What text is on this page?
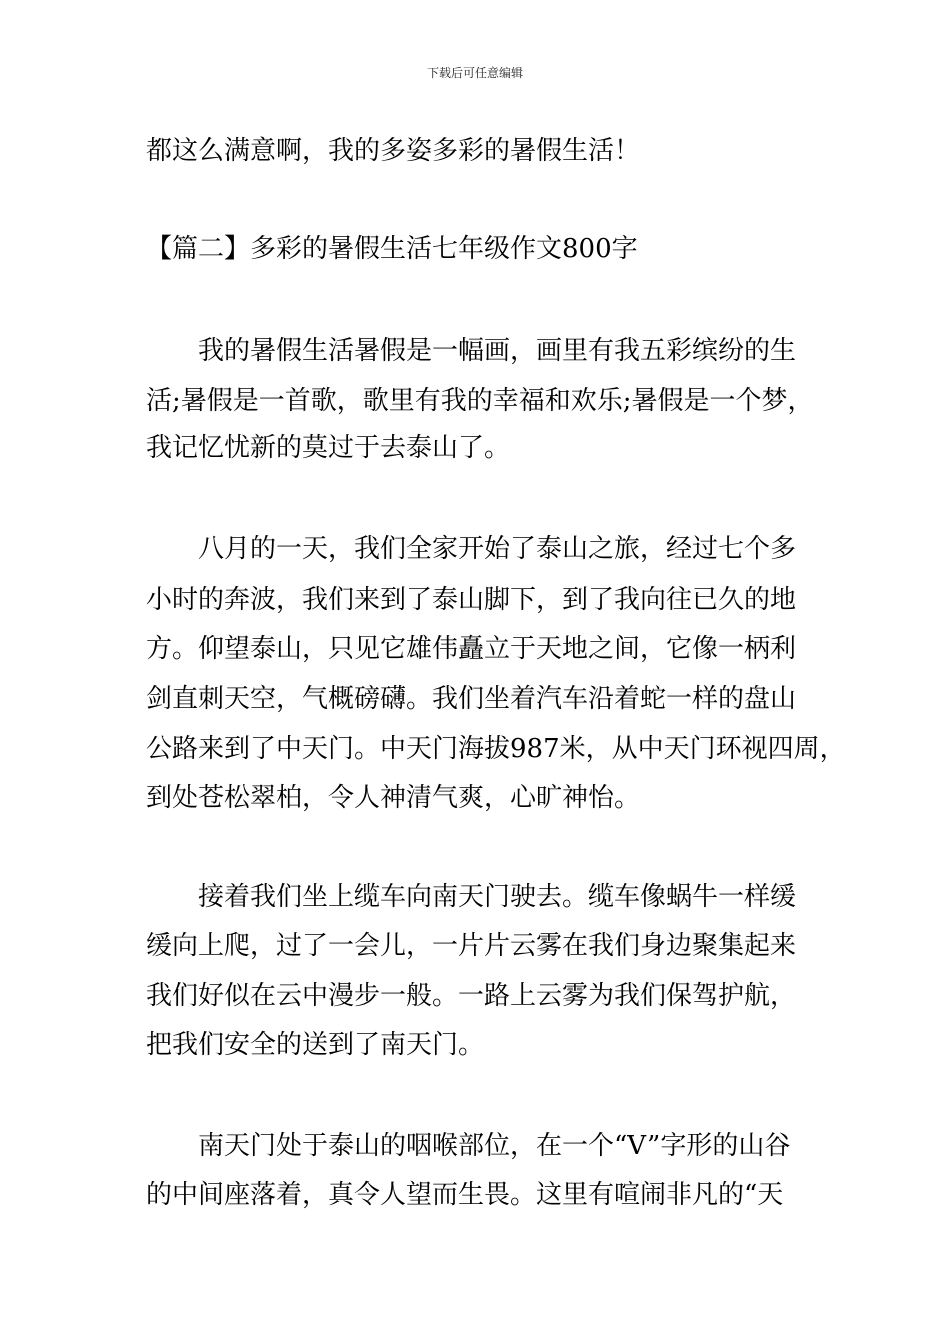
下载后可任意编辑
都这么满意啊，我的多姿多彩的暑假生活！
【篇二】多彩的暑假生活七年级作文800字
我的暑假生活暑假是一幅画，画里有我五彩缤纷的生
活;暑假是一首歌，歌里有我的幸福和欢乐;暑假是一个梦，
我记忆忧新的莫过于去泰山了。
八月的一天，我们全家开始了泰山之旅，经过七个多
小时的奔波，我们来到了泰山脚下，到了我向往已久的地
方。仰望泰山，只见它雄伟矗立于天地之间，它像一柄利
剑直刺天空，气概磅礴。我们坐着汽车沿着蛇一样的盘山
公路来到了中天门。中天门海拔987米，从中天门环视四周，
到处苍松翠柏，令人神清气爽，心旷神怡。
接着我们坐上缆车向南天门驶去。缆车像蜗牛一样缓
缓向上爬，过了一会儿，一片片云雾在我们身边聚集起来
我们好似在云中漫步一般。一路上云雾为我们保驾护航，
把我们安全的送到了南天门。
南天门处于泰山的咽喉部位，在一个“V”字形的山谷
的中间座落着，真令人望而生畏。这里有喧闹非凡的“天
